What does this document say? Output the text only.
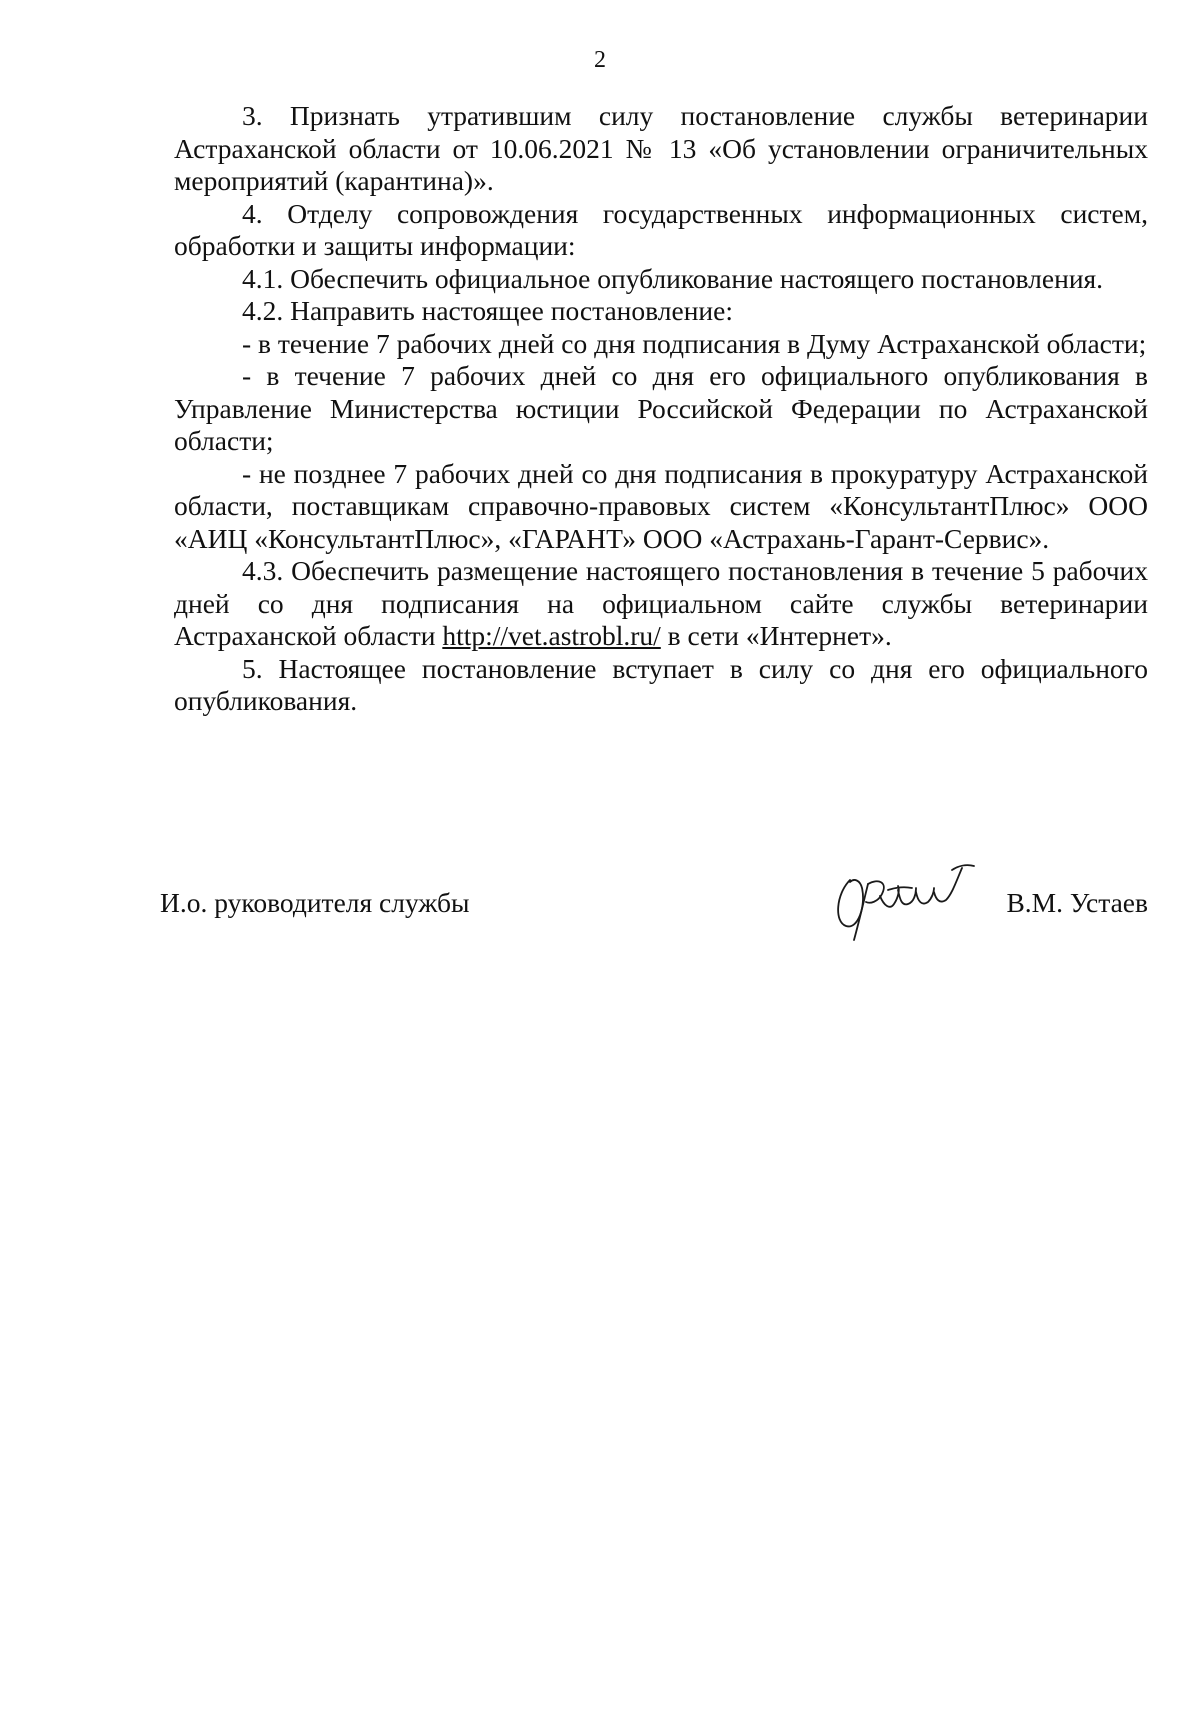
2

3. Признать утратившим силу постановление службы ветеринарии Астраханской области от 10.06.2021 № 13 «Об установлении ограничительных мероприятий (карантина)».

4. Отделу сопровождения государственных информационных систем, обработки и защиты информации:

4.1. Обеспечить официальное опубликование настоящего постановления.

4.2. Направить настоящее постановление:

- в течение 7 рабочих дней со дня подписания в Думу Астраханской области;

- в течение 7 рабочих дней со дня его официального опубликования в Управление Министерства юстиции Российской Федерации по Астраханской области;

- не позднее 7 рабочих дней со дня подписания в прокуратуру Астраханской области, поставщикам справочно-правовых систем «КонсультантПлюс» ООО «АИЦ «КонсультантПлюс», «ГАРАНТ» ООО «Астрахань-Гарант-Сервис».

4.3. Обеспечить размещение настоящего постановления в течение 5 рабочих дней со дня подписания на официальном сайте службы ветеринарии Астраханской области http://vet.astrobl.ru/ в сети «Интернет».

5. Настоящее постановление вступает в силу со дня его официального опубликования.

И.о. руководителя службы	В.М. Устаев
